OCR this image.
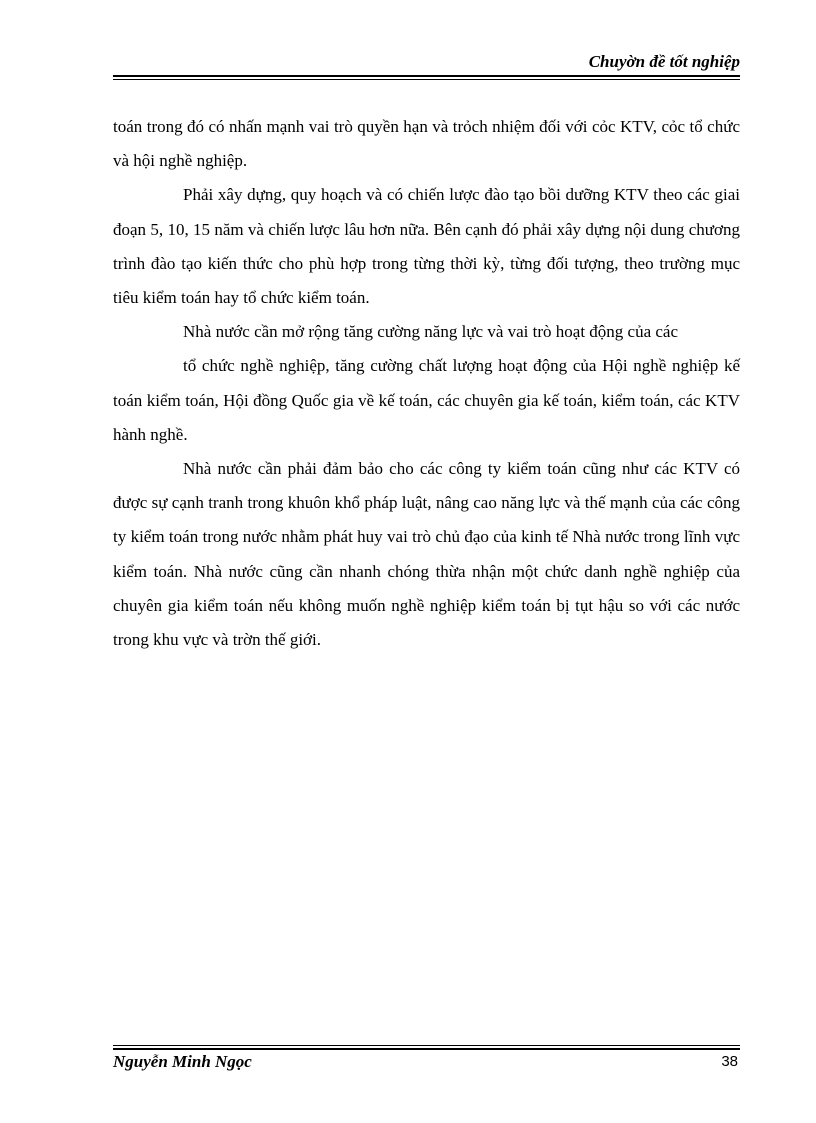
Chuyờn đề tốt nghiệp

toán trong đó có nhấn mạnh vai trò quyền hạn và trỏch nhiệm đối với cỏc KTV, cỏc tổ chức và hội nghề nghiệp.

Phải xây dựng, quy hoạch và có chiến lược đào tạo bồi dưỡng KTV theo các giai đoạn 5, 10, 15 năm và chiến lược lâu hơn nữa. Bên cạnh đó phải xây dựng nội dung chương trình đào tạo kiến thức cho phù hợp trong từng thời kỳ, từng đối tượng, theo trường mục tiêu kiểm toán hay tổ chức kiểm toán.

Nhà nước cần mở rộng tăng cường năng lực và vai trò hoạt động của các

tổ chức nghề nghiệp, tăng cường chất lượng hoạt động của Hội nghề nghiệp kế toán kiểm toán, Hội đồng Quốc gia về kế toán, các chuyên gia kế toán, kiểm toán, các KTV hành nghề.

Nhà nước cần phải đảm bảo cho các công ty kiểm toán cũng như các KTV có được sự cạnh tranh trong khuôn khổ pháp luật, nâng cao năng lực và thế mạnh của các công ty kiểm toán trong nước nhằm phát huy vai trò chủ đạo của kinh tế Nhà nước trong lĩnh vực kiểm toán. Nhà nước cũng cần nhanh chóng thừa nhận một chức danh nghề nghiệp của chuyên gia kiểm toán nếu không muốn nghề nghiệp kiểm toán bị tụt hậu so với các nước trong khu vực và trờn thế giới.

Nguyễn Minh Ngọc	38
